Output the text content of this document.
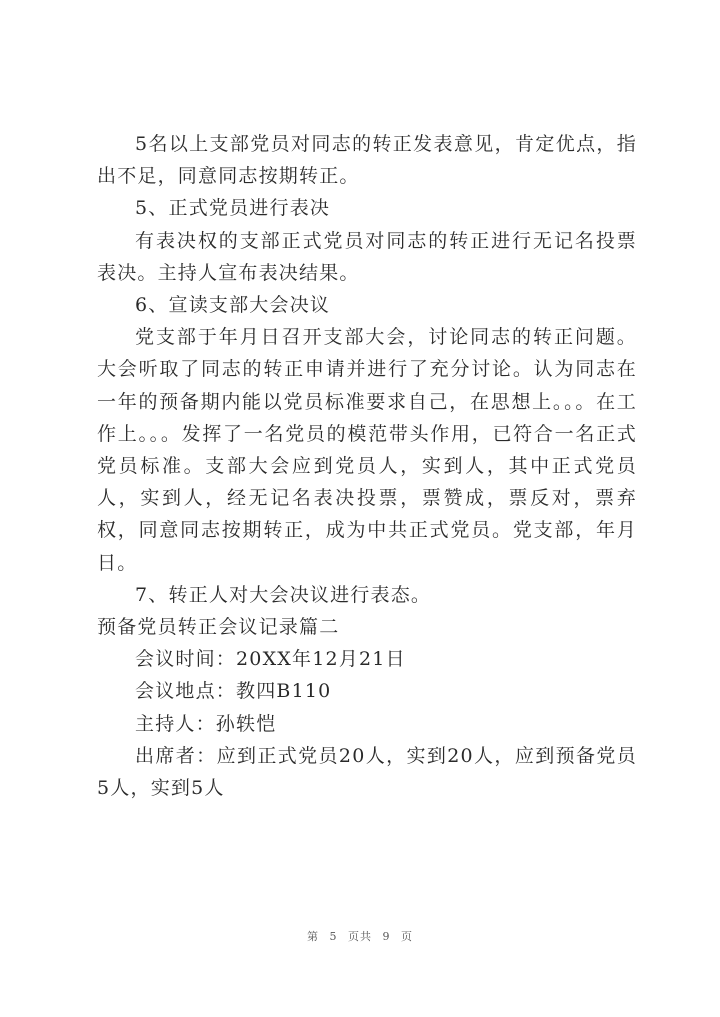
5名以上支部党员对同志的转正发表意见，肯定优点，指出不足，同意同志按期转正。

5、正式党员进行表决

有表决权的支部正式党员对同志的转正进行无记名投票表决。主持人宣布表决结果。

6、宣读支部大会决议

党支部于年月日召开支部大会，讨论同志的转正问题。大会听取了同志的转正申请并进行了充分讨论。认为同志在一年的预备期内能以党员标准要求自己，在思想上。。。在工作上。。。发挥了一名党员的模范带头作用，已符合一名正式党员标准。支部大会应到党员人，实到人，其中正式党员人，实到人，经无记名表决投票，票赞成，票反对，票弃权，同意同志按期转正，成为中共正式党员。党支部，年月日。

7、转正人对大会决议进行表态。

预备党员转正会议记录篇二

会议时间：20XX年12月21日

会议地点：教四B110

主持人：孙轶恺

出席者：应到正式党员20人，实到20人，应到预备党员5人，实到5人

第 5 页共 9 页
